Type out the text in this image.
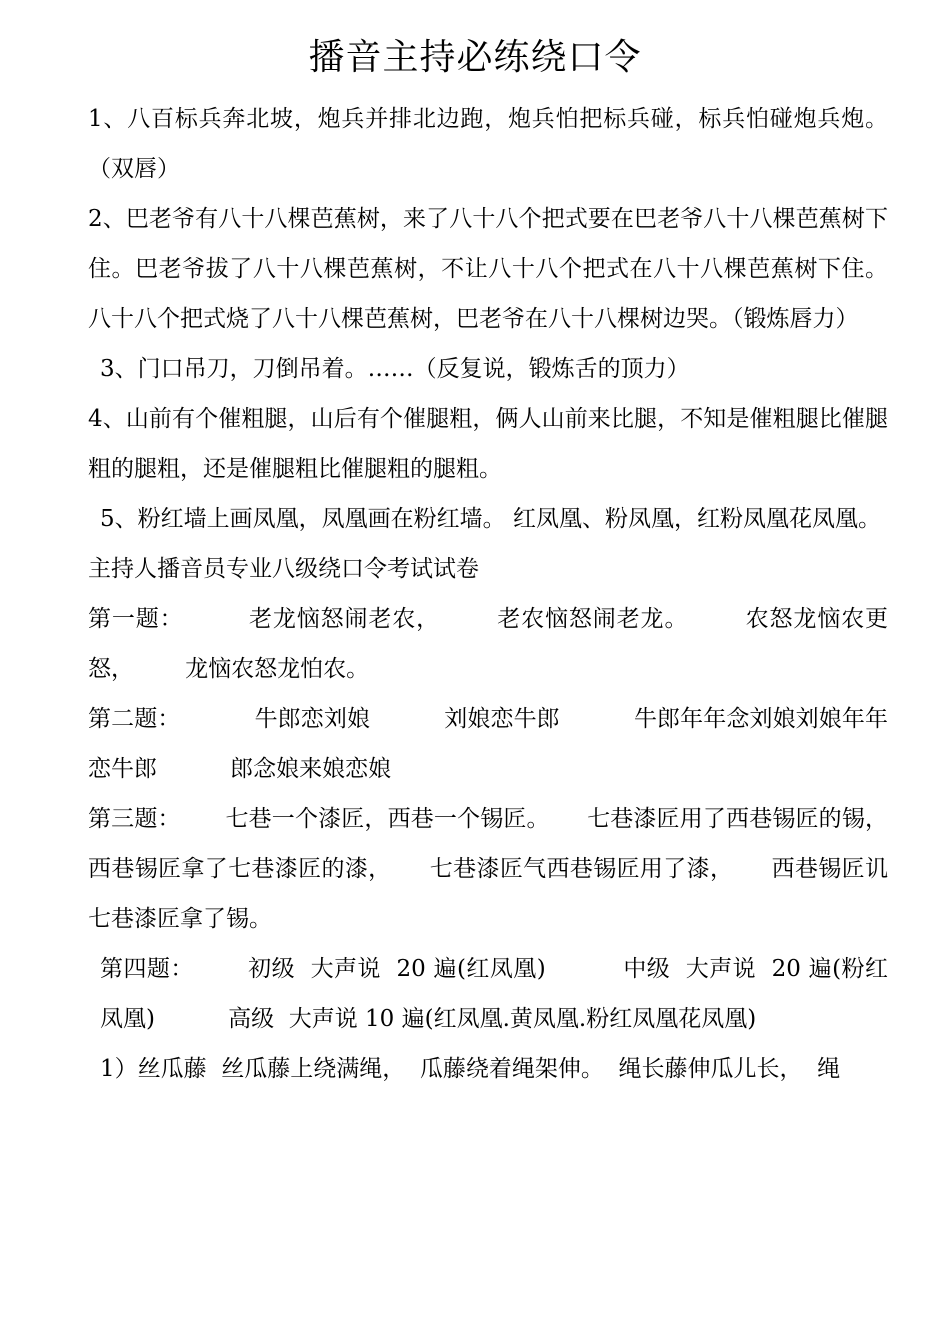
播音主持必练绕口令

1、八百标兵奔北坡，炮兵并排北边跑，炮兵怕把标兵碰，标兵怕碰炮兵炮。（双唇）

2、巴老爷有八十八棵芭蕉树，来了八十八个把式要在巴老爷八十八棵芭蕉树下住。巴老爷拔了八十八棵芭蕉树，不让八十八个把式在八十八棵芭蕉树下住。八十八个把式烧了八十八棵芭蕉树，巴老爷在八十八棵树边哭。（锻炼唇力）

3、门口吊刀，刀倒吊着。……（反复说，锻炼舌的顶力）

4、山前有个催粗腿，山后有个催腿粗，俩人山前来比腿，不知是催粗腿比催腿粗的腿粗，还是催腿粗比催腿粗的腿粗。

5、粉红墙上画凤凰，凤凰画在粉红墙。 红凤凰、粉凤凰，红粉凤凰花凤凰。

主持人播音员专业八级绕口令考试试卷

第一题：        老龙恼怒闹老农，       老农恼怒闹老龙。       农怒龙恼农更怒，       龙恼农怒龙怕农。

第二题：          牛郎恋刘娘          刘娘恋牛郎          牛郎年年念刘娘刘娘年年恋牛郎          郎念娘来娘恋娘

第三题：      七巷一个漆匠，西巷一个锡匠。     七巷漆匠用了西巷锡匠的锡，     西巷锡匠拿了七巷漆匠的漆，     七巷漆匠气西巷锡匠用了漆，     西巷锡匠讥七巷漆匠拿了锡。

第四题：       初级  大声说  20 遍(红凤凰)          中级  大声说  20 遍(粉红凤凰)          高级  大声说 10 遍(红凤凰.黄凤凰.粉红凤凰花凤凰)

1）丝瓜藤  丝瓜藤上绕满绳，  瓜藤绕着绳架伸。  绳长藤伸瓜儿长，  绳
